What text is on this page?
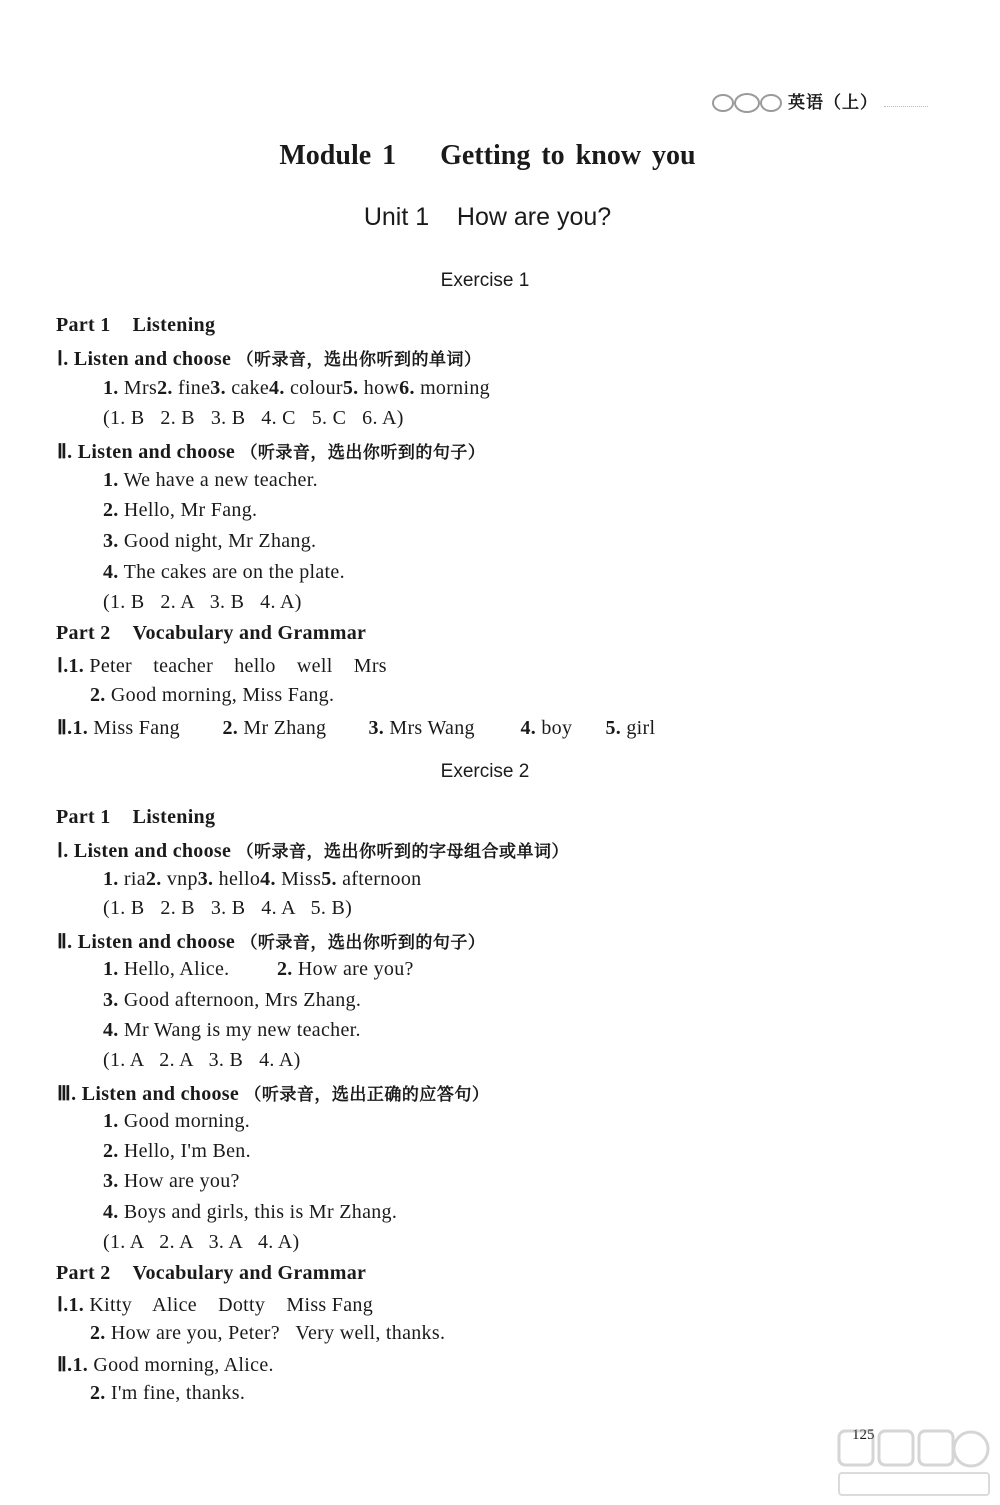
英语（上）
Module 1    Getting to know you
Unit 1    How are you?
Exercise 1
Part 1 Listening
Ⅰ. Listen and choose （听录音，选出你听到的单词）
1. Mrs2. fine3. cake4. colour5. how6. morning
(1. B   2. B   3. B   4. C   5. C   6. A)
Ⅱ. Listen and choose （听录音，选出你听到的句子）
1. We have a new teacher.
2. Hello, Mr Fang.
3. Good night, Mr Zhang.
4. The cakes are on the plate.
(1. B   2. A   3. B   4. A)
Part 2 Vocabulary and Grammar
Ⅰ.1. Peter    teacher    hello    well    Mrs
2. Good morning, Miss Fang.
Ⅱ.1. Miss Fang 2. Mr Zhang 3. Mrs Wang 4. boy 5. girl
Exercise 2
Part 1 Listening
Ⅰ. Listen and choose （听录音，选出你听到的字母组合或单词）
1. ria2. vnp3. hello4. Miss5. afternoon
(1. B   2. B   3. B   4. A   5. B)
Ⅱ. Listen and choose （听录音，选出你听到的句子）
1. Hello, Alice. 2. How are you?
3. Good afternoon, Mrs Zhang.
4. Mr Wang is my new teacher.
(1. A   2. A   3. B   4. A)
Ⅲ. Listen and choose （听录音，选出正确的应答句）
1. Good morning.
2. Hello, I'm Ben.
3. How are you?
4. Boys and girls, this is Mr Zhang.
(1. A   2. A   3. A   4. A)
Part 2 Vocabulary and Grammar
Ⅰ.1. Kitty    Alice    Dotty    Miss Fang
2. How are you, Peter?   Very well, thanks.
Ⅱ.1. Good morning, Alice.
2. I'm fine, thanks.
125
